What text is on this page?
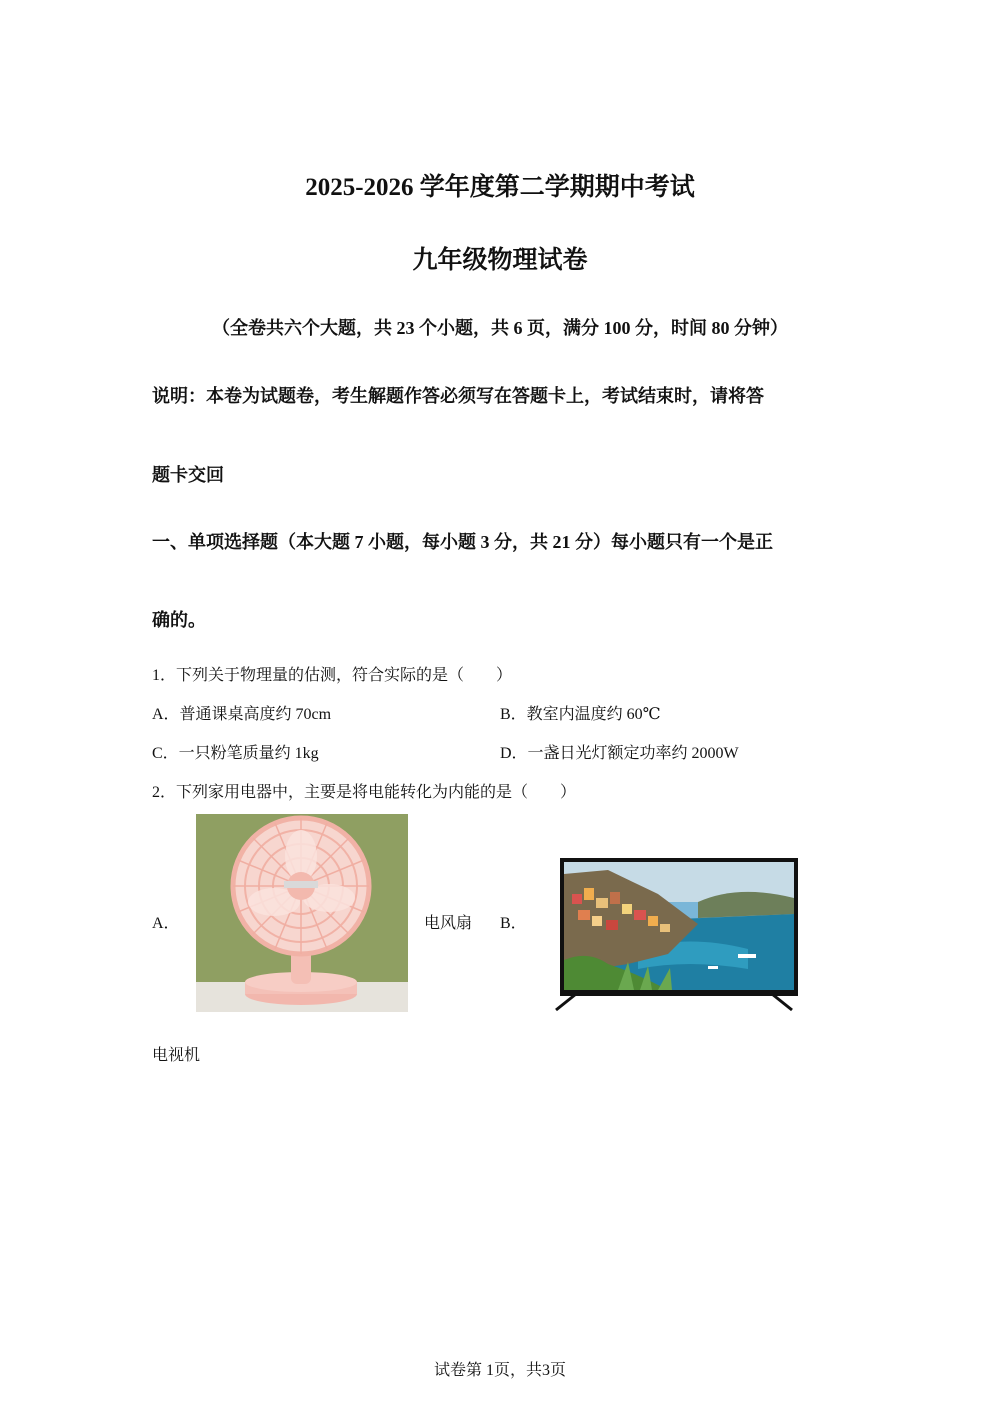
2025-2026 学年度第二学期期中考试
九年级物理试卷
（全卷共六个大题，共 23 个小题，共 6 页，满分 100 分，时间 80 分钟）
说明：本卷为试题卷，考生解题作答必须写在答题卡上，考试结束时，请将答
题卡交回
一、单项选择题（本大题 7 小题，每小题 3 分，共 21 分）每小题只有一个是正
确的。
1．下列关于物理量的估测，符合实际的是（　　）
A．普通课桌高度约 70cm	B．教室内温度约 60℃
C．一只粉笔质量约 1kg	D．一盏日光灯额定功率约 2000W
2．下列家用电器中，主要是将电能转化为内能的是（　　）
A．	电风扇 B．
电视机
试卷第 1页，共3页
